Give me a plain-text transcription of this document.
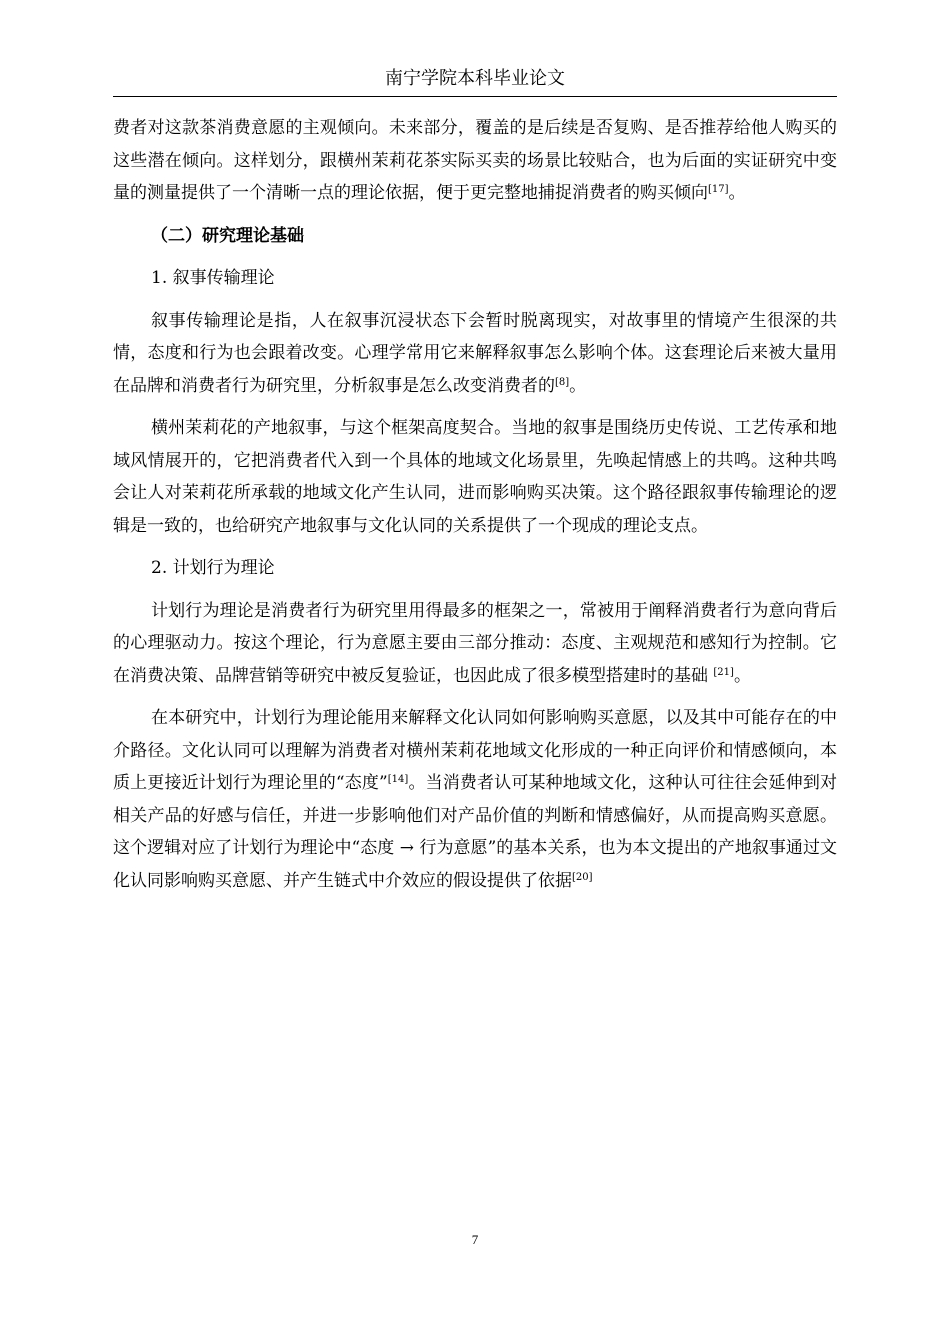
南宁学院本科毕业论文

费者对这款茶消费意愿的主观倾向。未来部分，覆盖的是后续是否复购、是否推荐给他人购买的这些潜在倾向。这样划分，跟横州茉莉花茶实际买卖的场景比较贴合，也为后面的实证研究中变量的测量提供了一个清晰一点的理论依据，便于更完整地捕捉消费者的购买倾向[17]。

（二）研究理论基础
1. 叙事传输理论

叙事传输理论是指，人在叙事沉浸状态下会暂时脱离现实，对故事里的情境产生很深的共情，态度和行为也会跟着改变。心理学常用它来解释叙事怎么影响个体。这套理论后来被大量用在品牌和消费者行为研究里，分析叙事是怎么改变消费者的[8]。

横州茉莉花的产地叙事，与这个框架高度契合。当地的叙事是围绕历史传说、工艺传承和地域风情展开的，它把消费者代入到一个具体的地域文化场景里，先唤起情感上的共鸣。这种共鸣会让人对茉莉花所承载的地域文化产生认同，进而影响购买决策。这个路径跟叙事传输理论的逻辑是一致的，也给研究产地叙事与文化认同的关系提供了一个现成的理论支点。

2. 计划行为理论

计划行为理论是消费者行为研究里用得最多的框架之一，常被用于阐释消费者行为意向背后的心理驱动力。按这个理论，行为意愿主要由三部分推动：态度、主观规范和感知行为控制。它在消费决策、品牌营销等研究中被反复验证，也因此成了很多模型搭建时的基础 [21]。

在本研究中，计划行为理论能用来解释文化认同如何影响购买意愿，以及其中可能存在的中介路径。文化认同可以理解为消费者对横州茉莉花地域文化形成的一种正向评价和情感倾向，本质上更接近计划行为理论里的“态度”[14]。当消费者认可某种地域文化，这种认可往往会延伸到对相关产品的好感与信任，并进一步影响他们对产品价值的判断和情感偏好，从而提高购买意愿。这个逻辑对应了计划行为理论中“态度 → 行为意愿”的基本关系，也为本文提出的产地叙事通过文化认同影响购买意愿、并产生链式中介效应的假设提供了依据[20]

7
